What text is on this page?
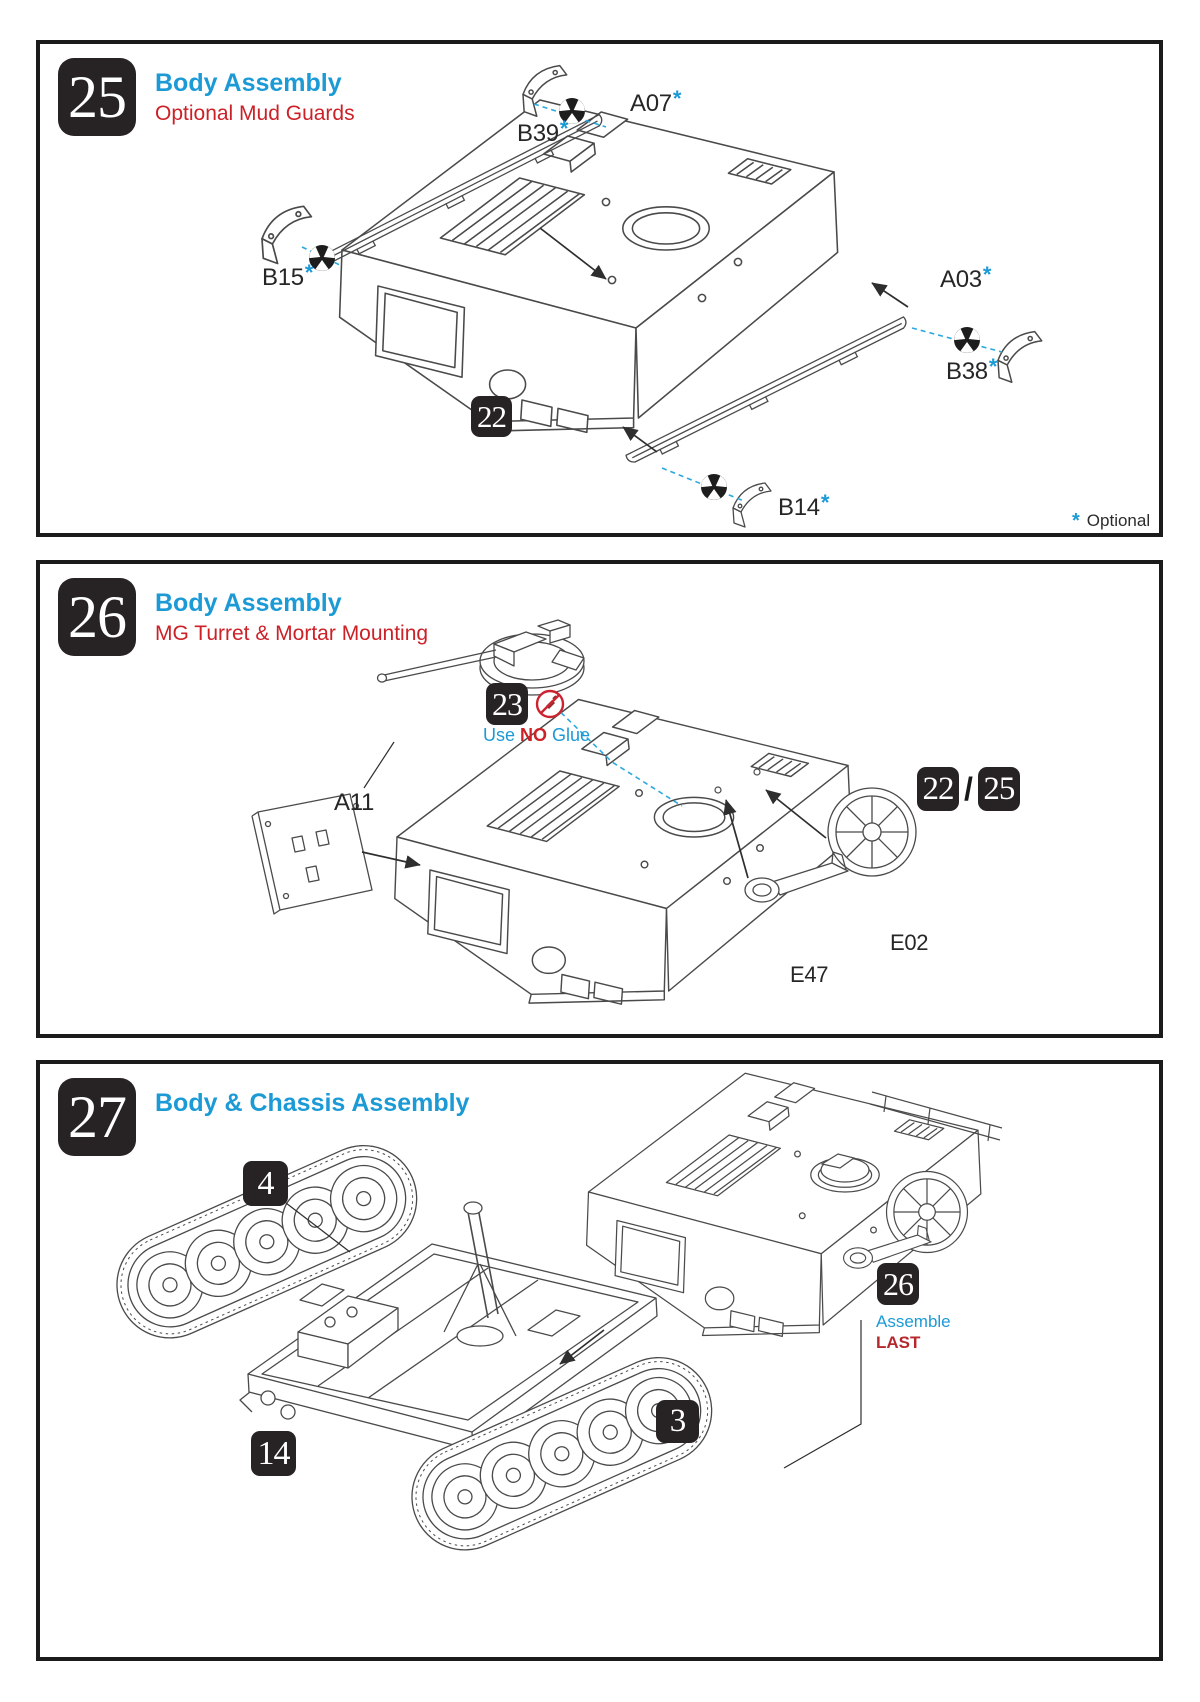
25	Body Assembly
Optional Mud Guards
B39*
A07*
B15*	A03*
B38*
B14*
22
* Optional
26	Body Assembly
MG Turret & Mortar Mounting
23
Use NO Glue
A11	22 / 25
E02
E47
27	Body & Chassis Assembly
4
14
3
26
Assemble
LAST
